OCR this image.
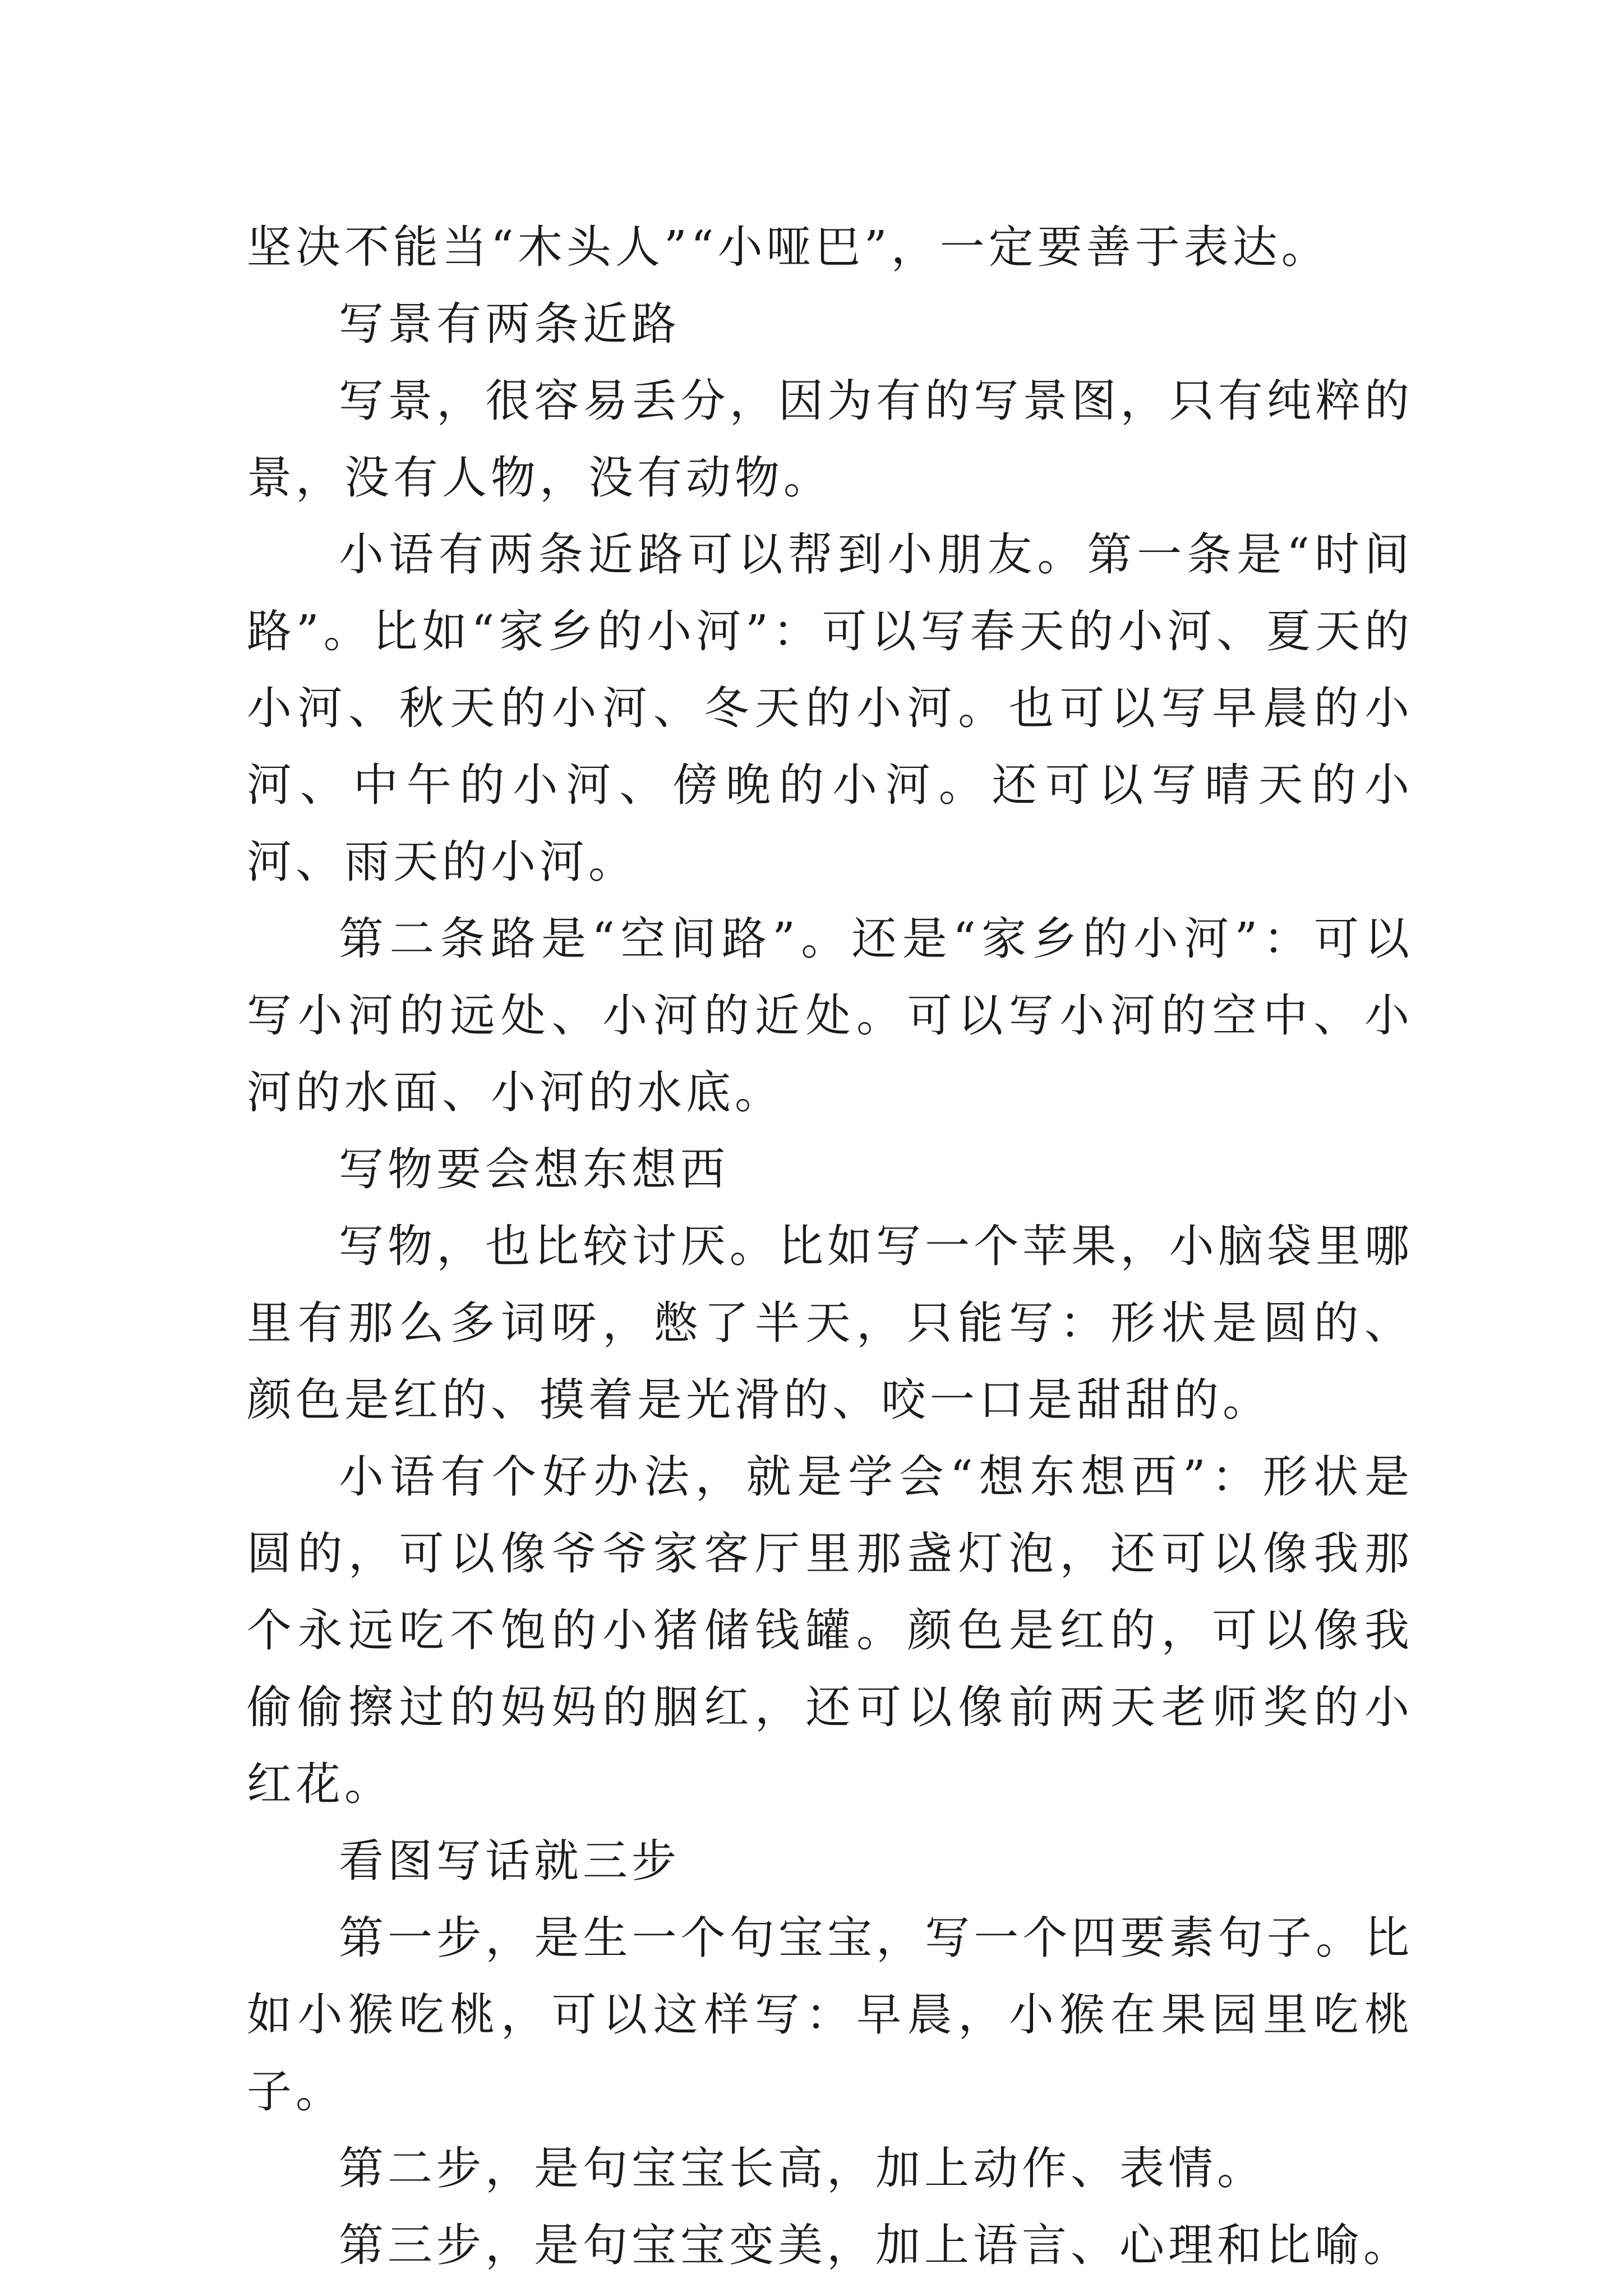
坚决不能当“木头人”“小哑巴”，一定要善于表达。

写景有两条近路

写景，很容易丢分，因为有的写景图，只有纯粹的景，没有人物，没有动物。

小语有两条近路可以帮到小朋友。第一条是“时间路”。比如“家乡的小河”：可以写春天的小河、夏天的小河、秋天的小河、冬天的小河。也可以写早晨的小河、中午的小河、傍晚的小河。还可以写晴天的小河、雨天的小河。

第二条路是“空间路”。还是“家乡的小河”：可以写小河的远处、小河的近处。可以写小河的空中、小河的水面、小河的水底。

写物要会想东想西

写物，也比较讨厌。比如写一个苹果，小脑袋里哪里有那么多词呀，憋了半天，只能写：形状是圆的、颜色是红的、摸着是光滑的、咬一口是甜甜的。

小语有个好办法，就是学会“想东想西”：形状是圆的，可以像爷爷家客厅里那盏灯泡，还可以像我那个永远吃不饱的小猪储钱罐。颜色是红的，可以像我偷偷擦过的妈妈的胭红，还可以像前两天老师奖的小红花。

看图写话就三步

第一步，是生一个句宝宝，写一个四要素句子。比如小猴吃桃，可以这样写：早晨，小猴在果园里吃桃子。

第二步，是句宝宝长高，加上动作、表情。

第三步，是句宝宝变美，加上语言、心理和比喻。
